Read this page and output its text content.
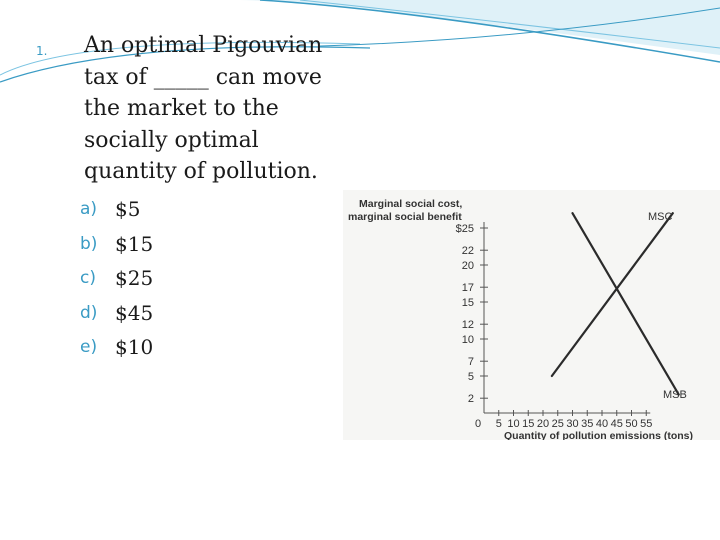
1. An optimal Pigouvian tax of _____ can move the market to the socially optimal quantity of pollution.
a) $5
b) $15
c) $25
d) $45
e) $10
Marginal social cost,
marginal social benefit
Quantity of pollution emissions (tons)
2
5
7
10
12
15
17
20
22
$25
0 5 10 15 20 25 30 35 40 45 50 55
MSC
MSB
